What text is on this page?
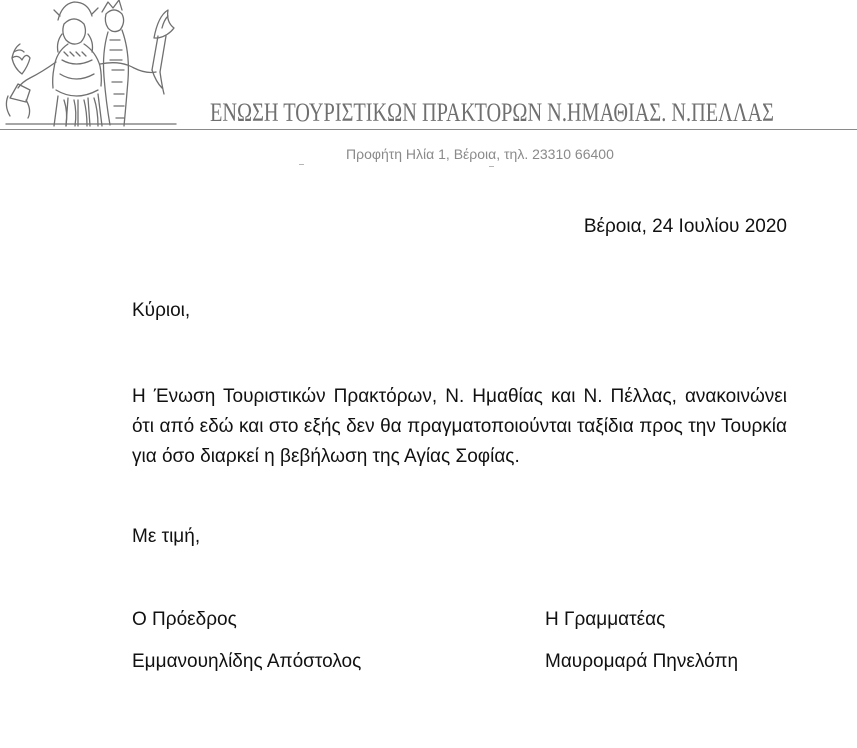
ΕΝΩΣΗ ΤΟΥΡΙΣΤΙΚΩΝ ΠΡΑΚΤΟΡΩΝ Ν.ΗΜΑΘΙΑΣ. Ν.ΠΕΛΛΑΣ
Προφήτη Ηλία 1, Βέροια, τηλ. 23310 66400
Βέροια, 24 Ιουλίου 2020
Κύριοι,

Η Ένωση Τουριστικών Πρακτόρων, Ν. Ημαθίας και Ν. Πέλλας, ανακοινώνει ότι από εδώ και στο εξής δεν θα πραγματοποιούνται ταξίδια προς την Τουρκία για όσο διαρκεί η βεβήλωση της Αγίας Σοφίας.

Με τιμή,
Ο Πρόεδρος
Εμμανουηλίδης Απόστολος
Η Γραμματέας
Μαυρομαρά Πηνελόπη
